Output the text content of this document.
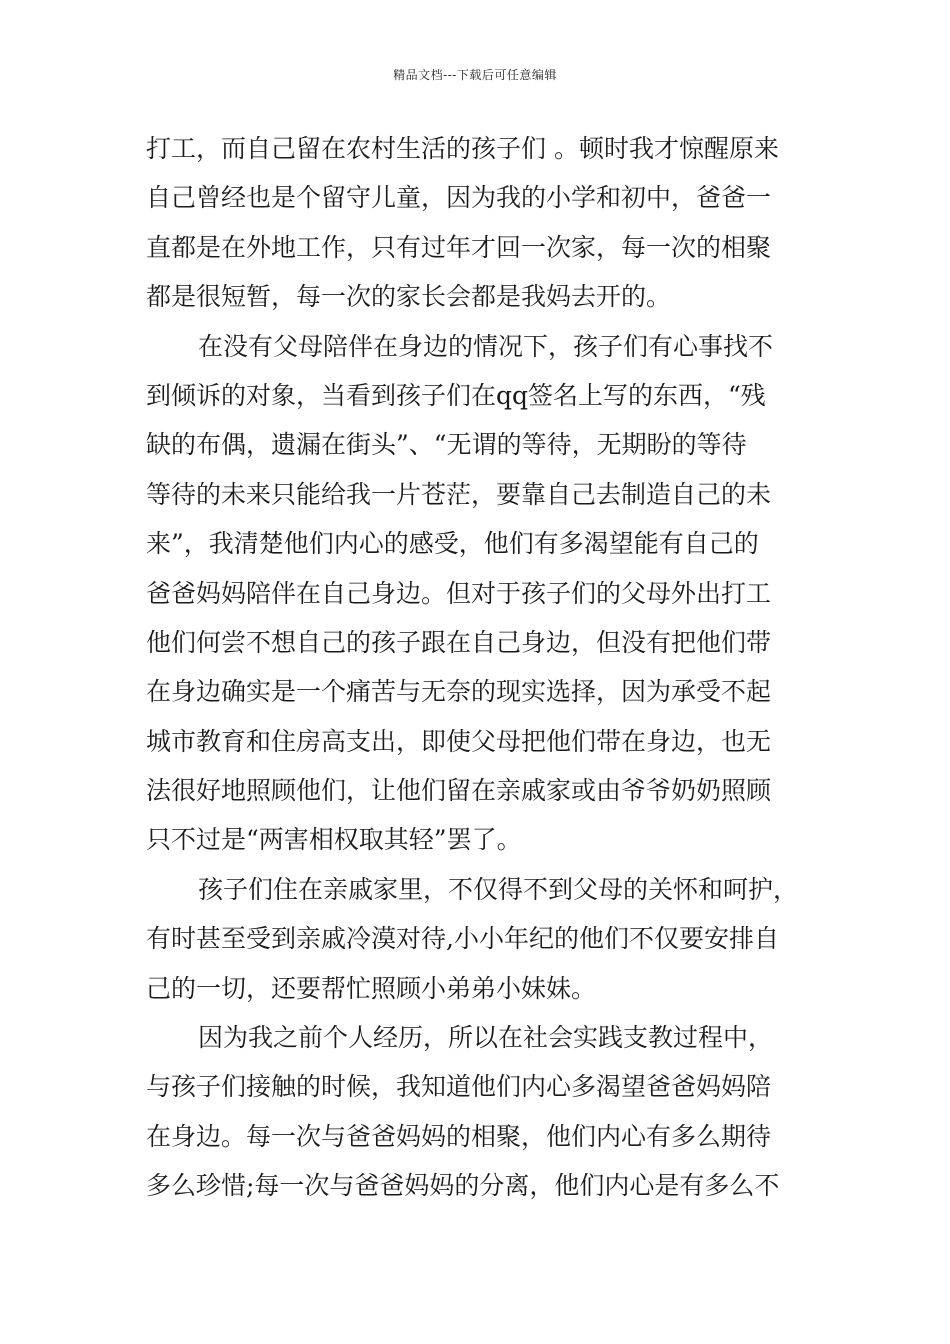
精品文档---下载后可任意编辑
打工，而自己留在农村生活的孩子们 。顿时我才惊醒原来
自己曾经也是个留守儿童，因为我的小学和初中，爸爸一
直都是在外地工作，只有过年才回一次家，每一次的相聚
都是很短暂，每一次的家长会都是我妈去开的。
在没有父母陪伴在身边的情况下，孩子们有心事找不
到倾诉的对象，当看到孩子们在qq签名上写的东西，“残
缺的布偶，遗漏在街头”、“无谓的等待，无期盼的等待
等待的未来只能给我一片苍茫，要靠自己去制造自己的未
来”，我清楚他们内心的感受，他们有多渴望能有自己的
爸爸妈妈陪伴在自己身边。但对于孩子们的父母外出打工
他们何尝不想自己的孩子跟在自己身边，但没有把他们带
在身边确实是一个痛苦与无奈的现实选择，因为承受不起
城市教育和住房高支出，即使父母把他们带在身边，也无
法很好地照顾他们，让他们留在亲戚家或由爷爷奶奶照顾
只不过是“两害相权取其轻”罢了。
孩子们住在亲戚家里，不仅得不到父母的关怀和呵护，
有时甚至受到亲戚冷漠对待,小小年纪的他们不仅要安排自
己的一切，还要帮忙照顾小弟弟小妹妹。
因为我之前个人经历，所以在社会实践支教过程中，
与孩子们接触的时候，我知道他们内心多渴望爸爸妈妈陪
在身边。每一次与爸爸妈妈的相聚，他们内心有多么期待
多么珍惜;每一次与爸爸妈妈的分离，他们内心是有多么不
